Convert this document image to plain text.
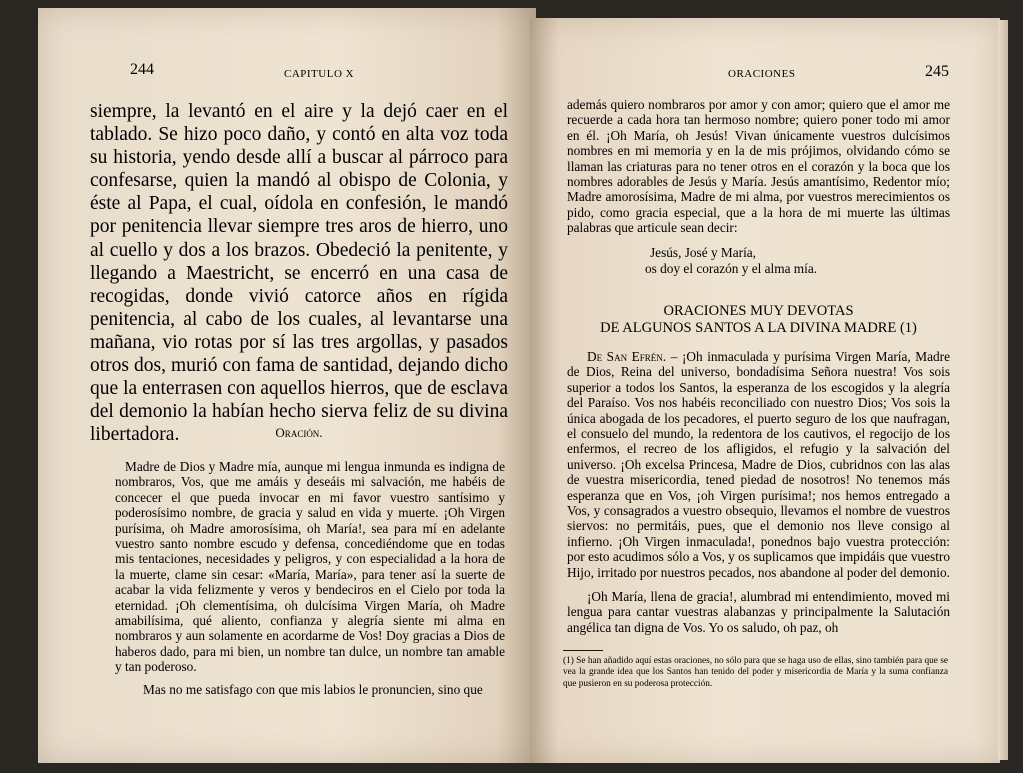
244	CAPITULO X

siempre, la levantó en el aire y la dejó caer en el tablado. Se hizo poco daño, y contó en alta voz toda su historia, yendo desde allí a buscar al párroco para confesarse, quien la mandó al obispo de Colonia, y éste al Papa, el cual, oídola en confesión, le mandó por penitencia llevar siempre tres aros de hierro, uno al cuello y dos a los brazos. Obedeció la penitente, y llegando a Maestricht, se encerró en una casa de recogidas, donde vivió catorce años en rígida penitencia, al cabo de los cuales, al levantarse una mañana, vio rotas por sí las tres argollas, y pasados otros dos, murió con fama de santidad, dejando dicho que la enterrasen con aquellos hierros, que de esclava del demonio la habían hecho sierva feliz de su divina libertadora.	Oración.

Madre de Dios y Madre mía, aunque mi lengua inmunda es indigna de nombraros, Vos, que me amáis y deseáis mi salvación, me habéis de concecer el que pueda invocar en mi favor vuestro santísimo y poderosísimo nombre, de gracia y salud en vida y muerte. ¡Oh Virgen purísima, oh Madre amorosísima, oh María!, sea para mí en adelante vuestro santo nombre escudo y defensa, concediéndome que en todas mis tentaciones, necesidades y peligros, y con especialidad a la hora de la muerte, clame sin cesar: «María, María», para tener así la suerte de acabar la vida felizmente y veros y bendeciros en el Cielo por toda la eternidad. ¡Oh clementísima, oh dulcísima Virgen María, oh Madre amabilísima, qué aliento, confianza y alegría siente mi alma en nombraros y aun solamente en acordarme de Vos! Doy gracias a Dios de haberos dado, para mi bien, un nombre tan dulce, un nombre tan amable y tan poderoso.

Mas no me satisfago con que mis labios le pronuncien, sino que

ORACIONES	245

además quiero nombraros por amor y con amor; quiero que el amor me recuerde a cada hora tan hermoso nombre; quiero poner todo mi amor en él. ¡Oh María, oh Jesús! Vivan únicamente vuestros dulcísimos nombres en mi memoria y en la de mis prójimos, olvidando cómo se llaman las criaturas para no tener otros en el corazón y la boca que los nombres adorables de Jesús y María. Jesús amantísimo, Redentor mío; Madre amorosísima, Madre de mi alma, por vuestros merecimientos os pido, como gracia especial, que a la hora de mi muerte las últimas palabras que articule sean decir:

Jesús, José y María,
os doy el corazón y el alma mía.
ORACIONES MUY DEVOTAS
DE ALGUNOS SANTOS A LA DIVINA MADRE (1)

De San Efrén. – ¡Oh inmaculada y purísima Virgen María, Madre de Dios, Reina del universo, bondadísima Señora nuestra! Vos sois superior a todos los Santos, la esperanza de los escogidos y la alegría del Paraíso. Vos nos habéis reconciliado con nuestro Dios; Vos sois la única abogada de los pecadores, el puerto seguro de los que naufragan, el consuelo del mundo, la redentora de los cautivos, el regocijo de los enfermos, el recreo de los afligidos, el refugio y la salvación del universo. ¡Oh excelsa Princesa, Madre de Dios, cubridnos con las alas de vuestra misericordia, tened piedad de nosotros! No tenemos más esperanza que en Vos, ¡oh Virgen purísima!; nos hemos entregado a Vos, y consagrados a vuestro obsequio, llevamos el nombre de vuestros siervos: no permitáis, pues, que el demonio nos lleve consigo al infierno. ¡Oh Virgen inmaculada!, ponednos bajo vuestra protección: por esto acudimos sólo a Vos, y os suplicamos que impidáis que vuestro Hijo, irritado por nuestros pecados, nos abandone al poder del demonio.

¡Oh María, llena de gracia!, alumbrad mi entendimiento, moved mi lengua para cantar vuestras alabanzas y principalmente la Salutación angélica tan digna de Vos. Yo os saludo, oh paz, oh

(1) Se han añadido aquí estas oraciones, no sólo para que se haga uso de ellas, sino también para que se vea la grande idea que los Santos han tenido del poder y misericordia de María y la suma confianza que pusieron en su poderosa protección.
